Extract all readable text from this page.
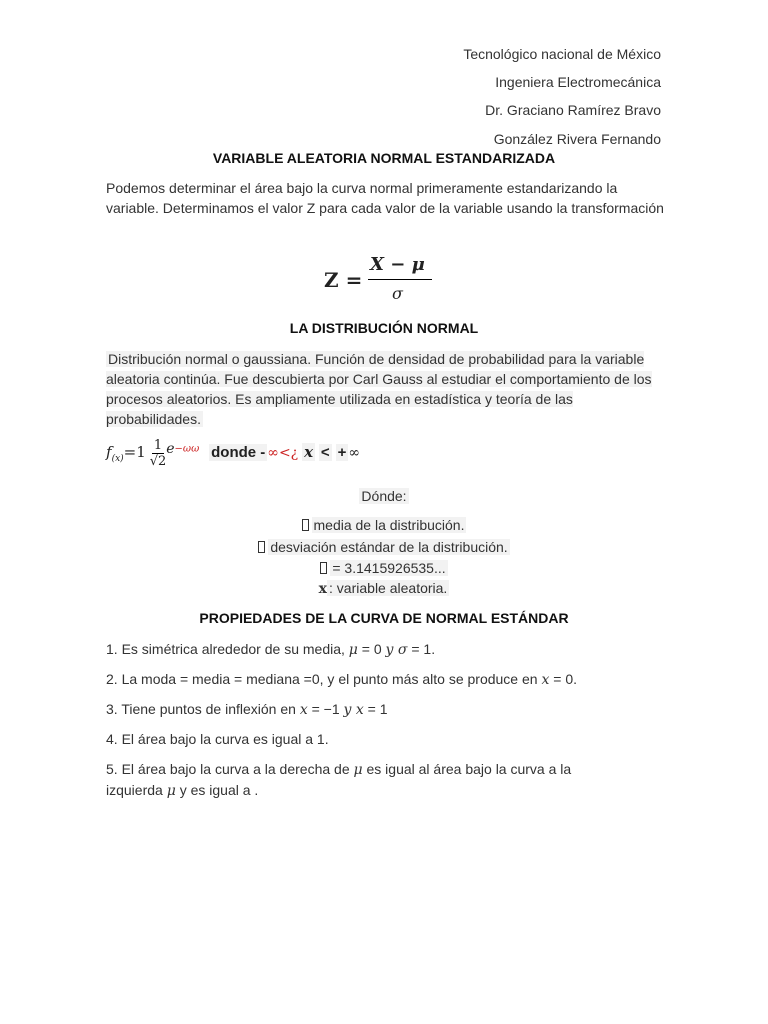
Tecnológico nacional de México
Ingeniera Electromecánica
Dr. Graciano Ramírez Bravo
González Rivera Fernando
VARIABLE ALEATORIA NORMAL ESTANDARIZADA
Podemos determinar el área bajo la curva normal primeramente estandarizando la variable. Determinamos el valor Z para cada valor de la variable usando la transformación
Z =
X − μ
σ
LA DISTRIBUCIÓN NORMAL
Distribución normal o gaussiana. Función de densidad de probabilidad para la variable aleatoria continúa. Fue descubierta por Carl Gauss al estudiar el comportamiento de los procesos aleatorios. Es ampliamente utilizada en estadística y teoría de las probabilidades.
$f_{(x)}=1 \frac{1}{√2} e^{-\omega\omega}$ donde - ∞<¿ x < + ∞
Dónde:
media de la distribución.
desviación estándar de la distribución.
= 3.1415926535...
x : variable aleatoria.
PROPIEDADES DE LA CURVA DE NORMAL ESTÁNDAR
1. Es simétrica alrededor de su media, μ = 0 y σ = 1.
2. La moda = media = mediana =0, y el punto más alto se produce en x = 0.
3. Tiene puntos de inflexión en x = −1 y x = 1
4. El área bajo la curva es igual a 1.
5. El área bajo la curva a la derecha de μ es igual al área bajo la curva a la
izquierda μ y es igual a .
